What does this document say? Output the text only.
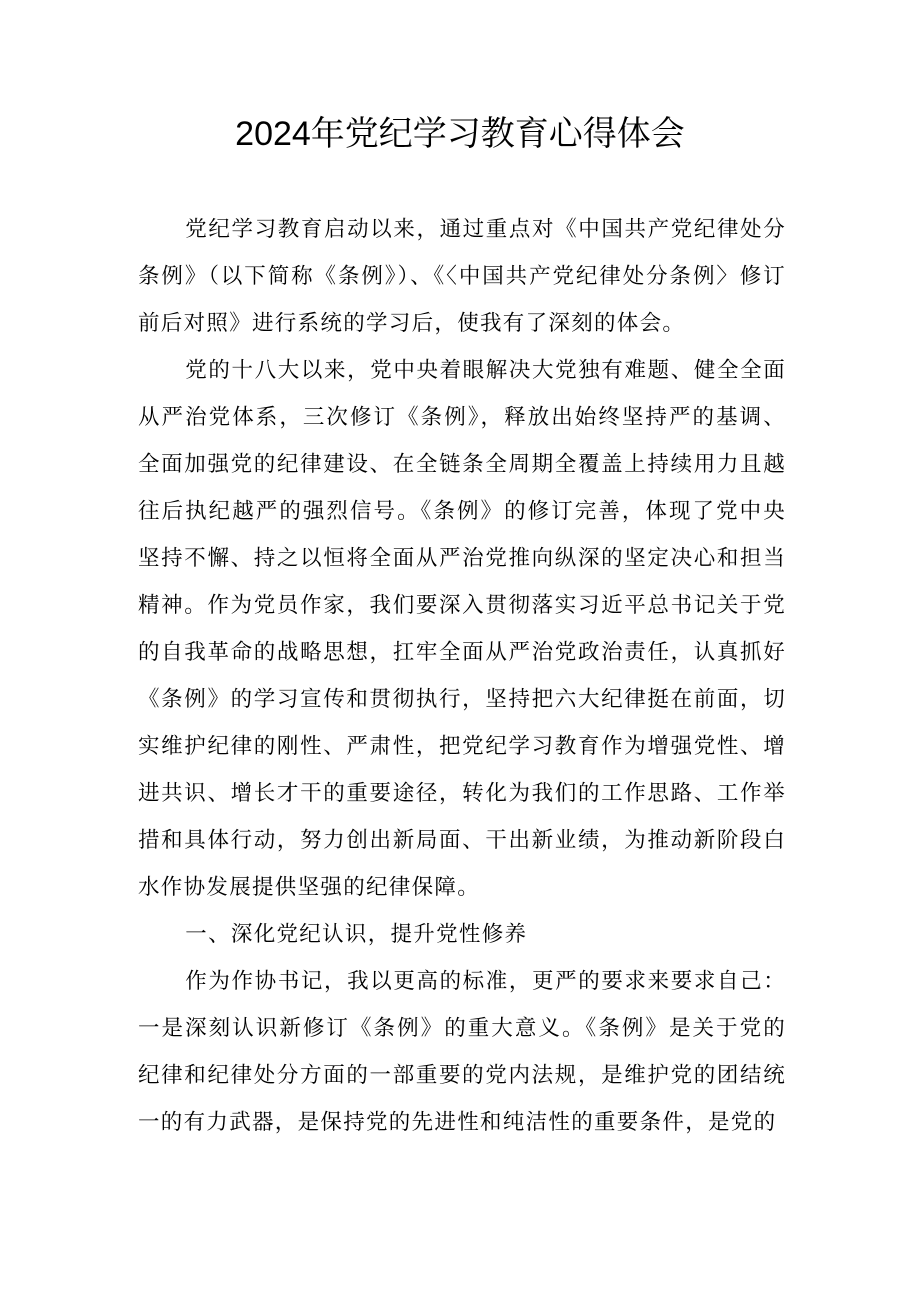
2024年党纪学习教育心得体会

党纪学习教育启动以来，通过重点对《中国共产党纪律处分条例》（以下简称《条例》）、《〈中国共产党纪律处分条例〉修订前后对照》进行系统的学习后，使我有了深刻的体会。

党的十八大以来，党中央着眼解决大党独有难题、健全全面从严治党体系，三次修订《条例》，释放出始终坚持严的基调、全面加强党的纪律建设、在全链条全周期全覆盖上持续用力且越往后执纪越严的强烈信号。《条例》的修订完善，体现了党中央坚持不懈、持之以恒将全面从严治党推向纵深的坚定决心和担当精神。作为党员作家，我们要深入贯彻落实习近平总书记关于党的自我革命的战略思想，扛牢全面从严治党政治责任，认真抓好《条例》的学习宣传和贯彻执行，坚持把六大纪律挺在前面，切实维护纪律的刚性、严肃性，把党纪学习教育作为增强党性、增进共识、增长才干的重要途径，转化为我们的工作思路、工作举措和具体行动，努力创出新局面、干出新业绩，为推动新阶段白水作协发展提供坚强的纪律保障。

一、深化党纪认识，提升党性修养

作为作协书记，我以更高的标准，更严的要求来要求自己：一是深刻认识新修订《条例》的重大意义。《条例》是关于党的纪律和纪律处分方面的一部重要的党内法规，是维护党的团结统一的有力武器，是保持党的先进性和纯洁性的重要条件，是党的
